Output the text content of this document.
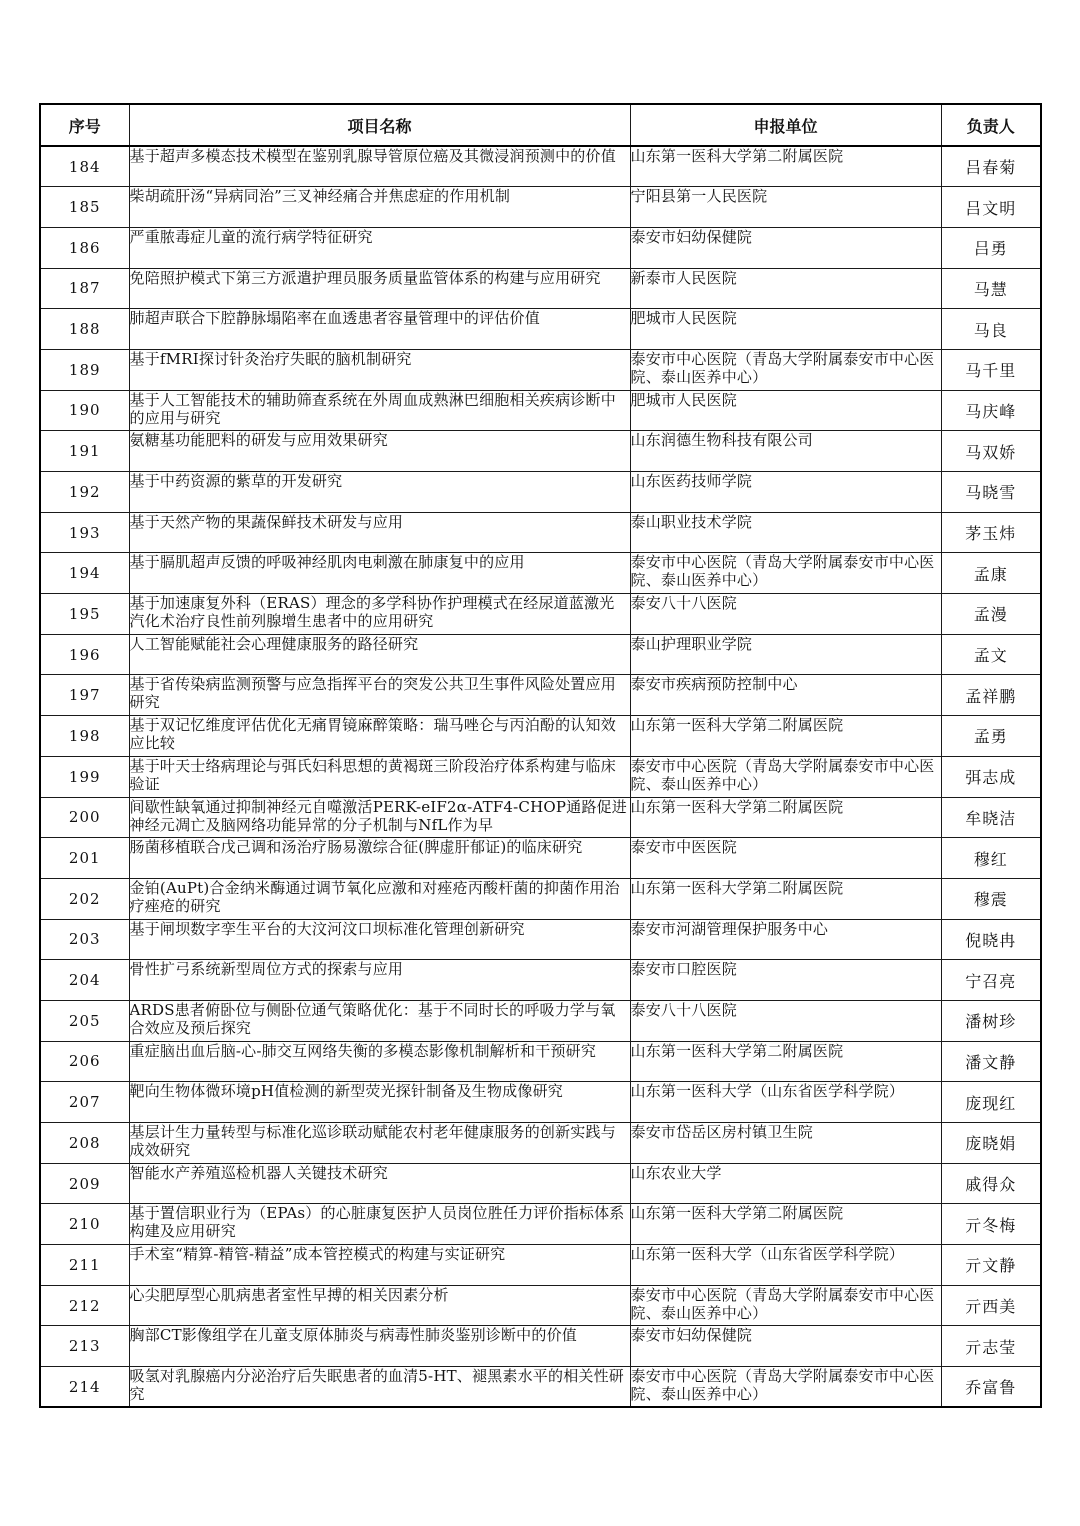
序号	项目名称	申报单位	负责人
184	基于超声多模态技术模型在鉴别乳腺导管原位癌及其微浸润预测中的价值	山东第一医科大学第二附属医院	吕春菊
185	柴胡疏肝汤“异病同治”三叉神经痛合并焦虑症的作用机制	宁阳县第一人民医院	吕文明
186	严重脓毒症儿童的流行病学特征研究	泰安市妇幼保健院	吕勇
187	免陪照护模式下第三方派遣护理员服务质量监管体系的构建与应用研究	新泰市人民医院	马慧
188	肺超声联合下腔静脉塌陷率在血透患者容量管理中的评估价值	肥城市人民医院	马良
189	基于fMRI探讨针灸治疗失眠的脑机制研究	泰安市中心医院（青岛大学附属泰安市中心医院、泰山医养中心）	马千里
190	基于人工智能技术的辅助筛查系统在外周血成熟淋巴细胞相关疾病诊断中的应用与研究	肥城市人民医院	马庆峰
191	氨糖基功能肥料的研发与应用效果研究	山东润德生物科技有限公司	马双娇
192	基于中药资源的紫草的开发研究	山东医药技师学院	马晓雪
193	基于天然产物的果蔬保鲜技术研发与应用	泰山职业技术学院	茅玉炜
194	基于膈肌超声反馈的呼吸神经肌肉电刺激在肺康复中的应用	泰安市中心医院（青岛大学附属泰安市中心医院、泰山医养中心）	孟康
195	基于加速康复外科（ERAS）理念的多学科协作护理模式在经尿道蓝激光汽化术治疗良性前列腺增生患者中的应用研究	泰安八十八医院	孟漫
196	人工智能赋能社会心理健康服务的路径研究	泰山护理职业学院	孟文
197	基于省传染病监测预警与应急指挥平台的突发公共卫生事件风险处置应用研究	泰安市疾病预防控制中心	孟祥鹏
198	基于双记忆维度评估优化无痛胃镜麻醉策略：瑞马唑仑与丙泊酚的认知效应比较	山东第一医科大学第二附属医院	孟勇
199	基于叶天士络病理论与弭氏妇科思想的黄褐斑三阶段治疗体系构建与临床验证	泰安市中心医院（青岛大学附属泰安市中心医院、泰山医养中心）	弭志成
200	间歇性缺氧通过抑制神经元自噬激活PERK-eIF2α-ATF4-CHOP通路促进神经元凋亡及脑网络功能异常的分子机制与NfL作为早	山东第一医科大学第二附属医院	牟晓洁
201	肠菌移植联合戊己调和汤治疗肠易激综合征(脾虚肝郁证)的临床研究	泰安市中医医院	穆红
202	金铂(AuPt)合金纳米酶通过调节氧化应激和对痤疮丙酸杆菌的抑菌作用治疗痤疮的研究	山东第一医科大学第二附属医院	穆震
203	基于闸坝数字孪生平台的大汶河汶口坝标准化管理创新研究	泰安市河湖管理保护服务中心	倪晓冉
204	骨性扩弓系统新型周位方式的探索与应用	泰安市口腔医院	宁召亮
205	ARDS患者俯卧位与侧卧位通气策略优化：基于不同时长的呼吸力学与氧合效应及预后探究	泰安八十八医院	潘树珍
206	重症脑出血后脑-心-肺交互网络失衡的多模态影像机制解析和干预研究	山东第一医科大学第二附属医院	潘文静
207	靶向生物体微环境pH值检测的新型荧光探针制备及生物成像研究	山东第一医科大学（山东省医学科学院）	庞现红
208	基层计生力量转型与标准化巡诊联动赋能农村老年健康服务的创新实践与成效研究	泰安市岱岳区房村镇卫生院	庞晓娟
209	智能水产养殖巡检机器人关键技术研究	山东农业大学	戚得众
210	基于置信职业行为（EPAs）的心脏康复医护人员岗位胜任力评价指标体系构建及应用研究	山东第一医科大学第二附属医院	亓冬梅
211	手术室“精算-精管-精益”成本管控模式的构建与实证研究	山东第一医科大学（山东省医学科学院）	亓文静
212	心尖肥厚型心肌病患者室性早搏的相关因素分析	泰安市中心医院（青岛大学附属泰安市中心医院、泰山医养中心）	亓西美
213	胸部CT影像组学在儿童支原体肺炎与病毒性肺炎鉴别诊断中的价值	泰安市妇幼保健院	亓志莹
214	吸氢对乳腺癌内分泌治疗后失眠患者的血清5-HT、褪黑素水平的相关性研究	泰安市中心医院（青岛大学附属泰安市中心医院、泰山医养中心）	乔富鲁
